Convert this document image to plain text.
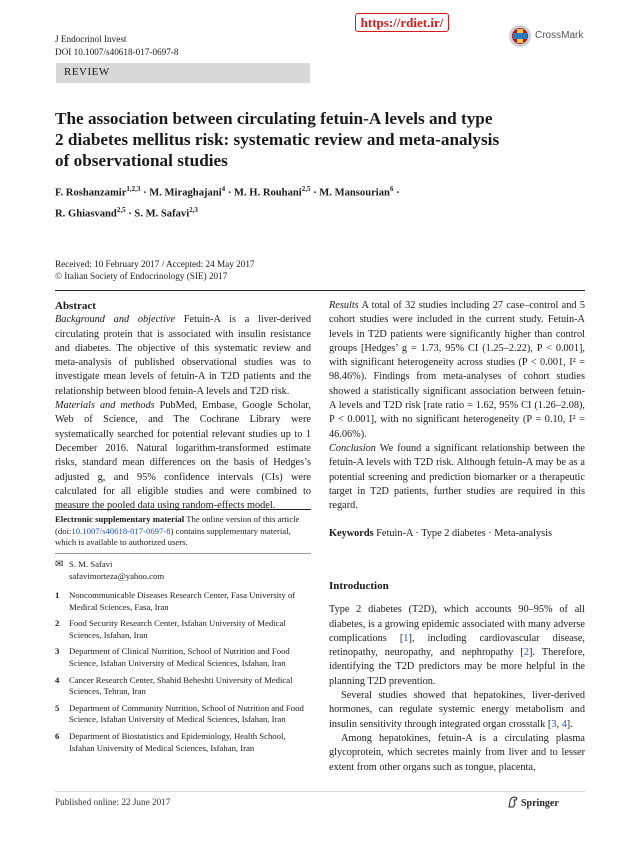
J Endocrinol Invest
DOI 10.1007/s40618-017-0697-8
https://rdiet.ir/
CrossMark
REVIEW
The association between circulating fetuin-A levels and type
2 diabetes mellitus risk: systematic review and meta-analysis
of observational studies
F. Roshanzamir$^{1,2,3}$ · M. Miraghajani$^4$ · M. H. Rouhani$^{2,5}$ · M. Mansourian$^6$ ·
R. Ghiasvand$^{2,5}$ · S. M. Safavi$^{2,3}$
Received: 10 February 2017 / Accepted: 24 May 2017
© Italian Society of Endocrinology (SIE) 2017
Abstract
Background and objective Fetuin-A is a liver-derived circulating protein that is associated with insulin resistance and diabetes. The objective of this systematic review and meta-analysis of published observational studies was to investigate mean levels of fetuin-A in T2D patients and the relationship between blood fetuin-A levels and T2D risk.
Materials and methods PubMed, Embase, Google Scholar, Web of Science, and The Cochrane Library were systematically searched for potential relevant studies up to 1 December 2016. Natural logarithm-transformed estimate risks, standard mean differences on the basis of Hedges’s adjusted g, and 95% confidence intervals (CIs) were calculated for all eligible studies and were combined to measure the pooled data using random-effects model.
Electronic supplementary material The online version of this article (doi:10.1007/s40618-017-0697-8) contains supplementary material, which is available to authorized users.
✉ S. M. Safavi
safavimorteza@yahoo.com
1 Noncommunicable Diseases Research Center, Fasa University of Medical Sciences, Fasa, Iran
2 Food Security Research Center, Isfahan University of Medical Sciences, Isfahan, Iran
3 Department of Clinical Nutrition, School of Nutrition and Food Science, Isfahan University of Medical Sciences, Isfahan, Iran
4 Cancer Research Center, Shahid Beheshti University of Medical Sciences, Tehran, Iran
5 Department of Community Nutrition, School of Nutrition and Food Science, Isfahan University of Medical Sciences, Isfahan, Iran
6 Department of Biostatistics and Epidemiology, Health School, Isfahan University of Medical Sciences, Isfahan, Iran
Results A total of 32 studies including 27 case–control and 5 cohort studies were included in the current study. Fetuin-A levels in T2D patients were significantly higher than control groups [Hedges’ g = 1.73, 95% CI (1.25–2.22), P < 0.001], with significant heterogeneity across studies (P < 0.001, I² = 98.46%). Findings from meta-analyses of cohort studies showed a statistically significant association between fetuin-A levels and T2D risk [rate ratio = 1.62, 95% CI (1.26–2.08), P < 0.001], with no significant heterogeneity (P = 0.10, I² = 46.06%).
Conclusion We found a significant relationship between the fetuin-A levels with T2D risk. Although fetuin-A may be as a potential screening and prediction biomarker or a therapeutic target in T2D patients, further studies are required in this regard.
Keywords Fetuin-A · Type 2 diabetes · Meta-analysis
Introduction
Type 2 diabetes (T2D), which accounts 90–95% of all diabetes, is a growing epidemic associated with many adverse complications [1], including cardiovascular disease, retinopathy, neuropathy, and nephropathy [2]. Therefore, identifying the T2D predictors may be more helpful in the planning T2D prevention.
Several studies showed that hepatokines, liver-derived hormones, can regulate systemic energy metabolism and insulin sensitivity through integrated organ crosstalk [3, 4].
Among hepatokines, fetuin-A is a circulating plasma glycoprotein, which secretes mainly from liver and to lesser extent from other organs such as tongue, placenta,
Published online: 22 June 2017	Springer
